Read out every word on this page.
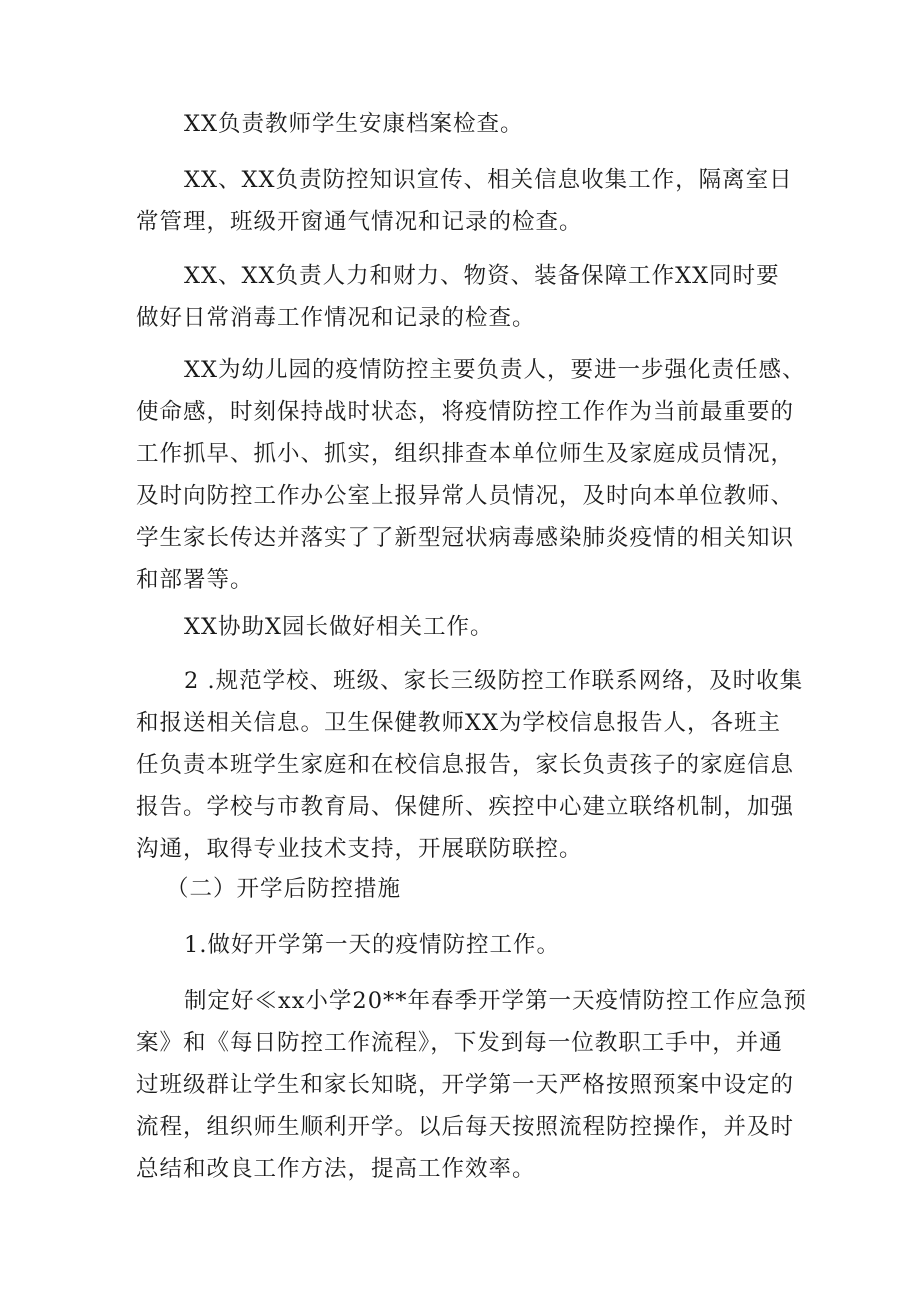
XX负责教师学生安康档案检查。
XX、XX负责防控知识宣传、相关信息收集工作，隔离室日
常管理，班级开窗通气情况和记录的检查。
XX、XX负责人力和财力、物资、装备保障工作XX同时要
做好日常消毒工作情况和记录的检查。
XX为幼儿园的疫情防控主要负责人，要进一步强化责任感、
使命感，时刻保持战时状态，将疫情防控工作作为当前最重要的
工作抓早、抓小、抓实，组织排查本单位师生及家庭成员情况，
及时向防控工作办公室上报异常人员情况，及时向本单位教师、
学生家长传达并落实了了新型冠状病毒感染肺炎疫情的相关知识
和部署等。
XX协助X园长做好相关工作。
2 .规范学校、班级、家长三级防控工作联系网络，及时收集
和报送相关信息。卫生保健教师XX为学校信息报告人，各班主
任负责本班学生家庭和在校信息报告，家长负责孩子的家庭信息
报告。学校与市教育局、保健所、疾控中心建立联络机制，加强
沟通，取得专业技术支持，开展联防联控。
（二）开学后防控措施
1.做好开学第一天的疫情防控工作。
制定好≪xx小学20**年春季开学第一天疫情防控工作应急预
案》和《每日防控工作流程》，下发到每一位教职工手中，并通
过班级群让学生和家长知晓，开学第一天严格按照预案中设定的
流程，组织师生顺利开学。以后每天按照流程防控操作，并及时
总结和改良工作方法，提高工作效率。
